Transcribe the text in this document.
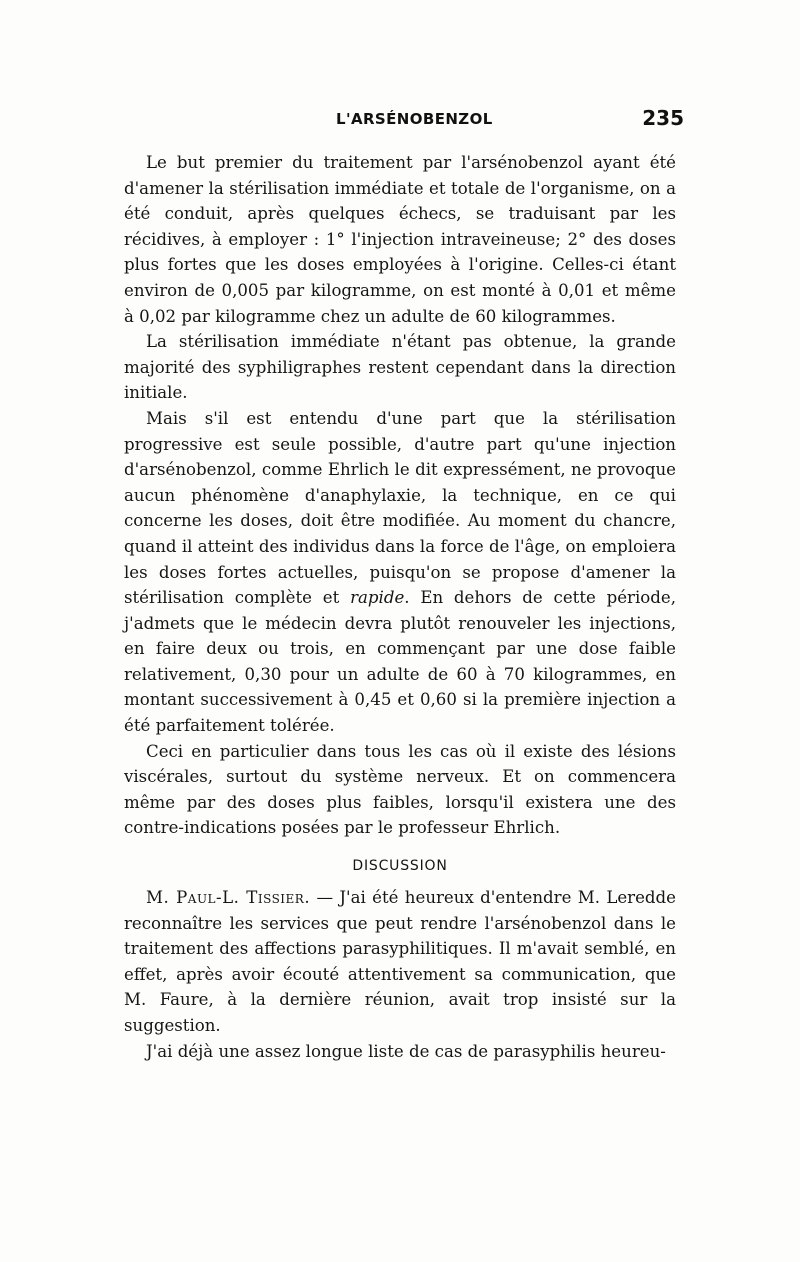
L'ARSÉNOBENZOL	235

Le but premier du traitement par l'arsénobenzol ayant été d'amener la stérilisation immédiate et totale de l'organisme, on a été conduit, après quelques échecs, se traduisant par les récidives, à employer : 1° l'injection intraveineuse; 2° des doses plus fortes que les doses employées à l'origine. Celles-ci étant environ de 0,005 par kilogramme, on est monté à 0,01 et même à 0,02 par kilogramme chez un adulte de 60 kilogrammes.

La stérilisation immédiate n'étant pas obtenue, la grande majorité des syphiligraphes restent cependant dans la direction initiale.

Mais s'il est entendu d'une part que la stérilisation progressive est seule possible, d'autre part qu'une injection d'arsénobenzol, comme Ehrlich le dit expressément, ne provoque aucun phénomène d'anaphylaxie, la technique, en ce qui concerne les doses, doit être modifiée. Au moment du chancre, quand il atteint des individus dans la force de l'âge, on emploiera les doses fortes actuelles, puisqu'on se propose d'amener la stérilisation complète et rapide. En dehors de cette période, j'admets que le médecin devra plutôt renouveler les injections, en faire deux ou trois, en commençant par une dose faible relativement, 0,30 pour un adulte de 60 à 70 kilogrammes, en montant successivement à 0,45 et 0,60 si la première injection a été parfaitement tolérée.

Ceci en particulier dans tous les cas où il existe des lésions viscérales, surtout du système nerveux. Et on commencera même par des doses plus faibles, lorsqu'il existera une des contre-indications posées par le professeur Ehrlich.

DISCUSSION

M. Paul-L. Tissier. — J'ai été heureux d'entendre M. Leredde reconnaître les services que peut rendre l'arsénobenzol dans le traitement des affections parasyphilitiques. Il m'avait semblé, en effet, après avoir écouté attentivement sa communication, que M. Faure, à la dernière réunion, avait trop insisté sur la suggestion.

J'ai déjà une assez longue liste de cas de parasyphilis heureu-
